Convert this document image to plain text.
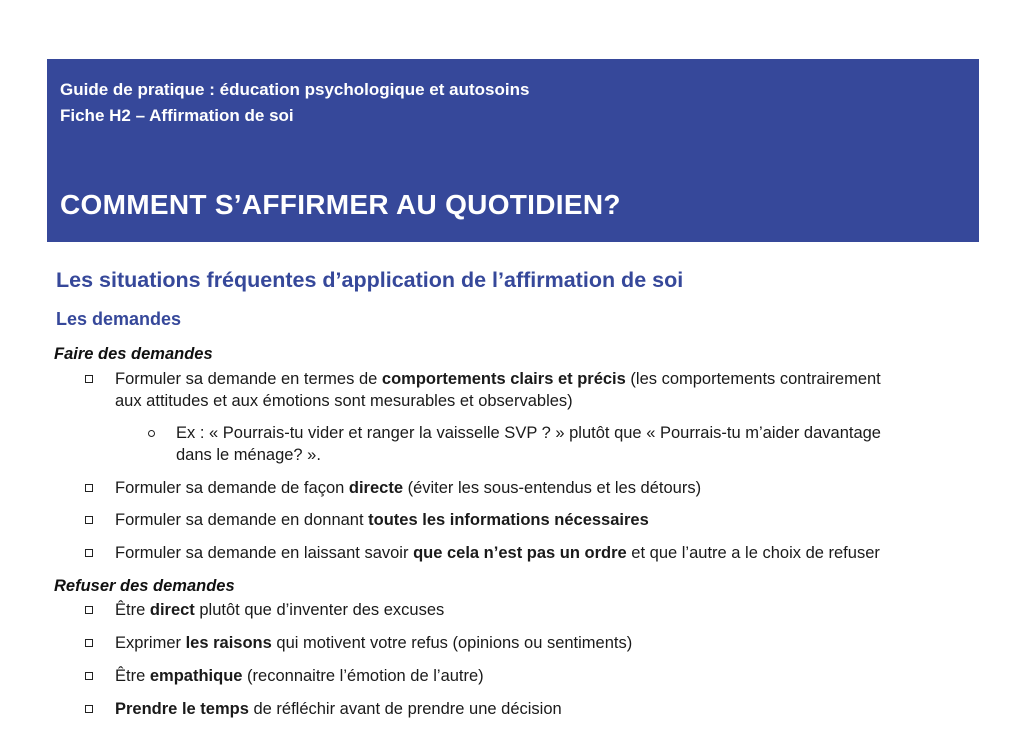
Guide de pratique : éducation psychologique et autosoins
Fiche H2 – Affirmation de soi
COMMENT S’AFFIRMER AU QUOTIDIEN?
Les situations fréquentes d’application de l’affirmation de soi
Les demandes
Faire des demandes
Formuler sa demande en termes de comportements clairs et précis (les comportements contrairement
aux attitudes et aux émotions sont mesurables et observables)
Ex : « Pourrais-tu vider et ranger la vaisselle SVP ? » plutôt que « Pourrais-tu m’aider davantage
dans le ménage? ».
Formuler sa demande de façon directe (éviter les sous-entendus et les détours)
Formuler sa demande en donnant toutes les informations nécessaires
Formuler sa demande en laissant savoir que cela n’est pas un ordre et que l’autre a le choix de refuser
Refuser des demandes
Être direct plutôt que d’inventer des excuses
Exprimer les raisons qui motivent votre refus (opinions ou sentiments)
Être empathique (reconnaitre l’émotion de l’autre)
Prendre le temps de réfléchir avant de prendre une décision
